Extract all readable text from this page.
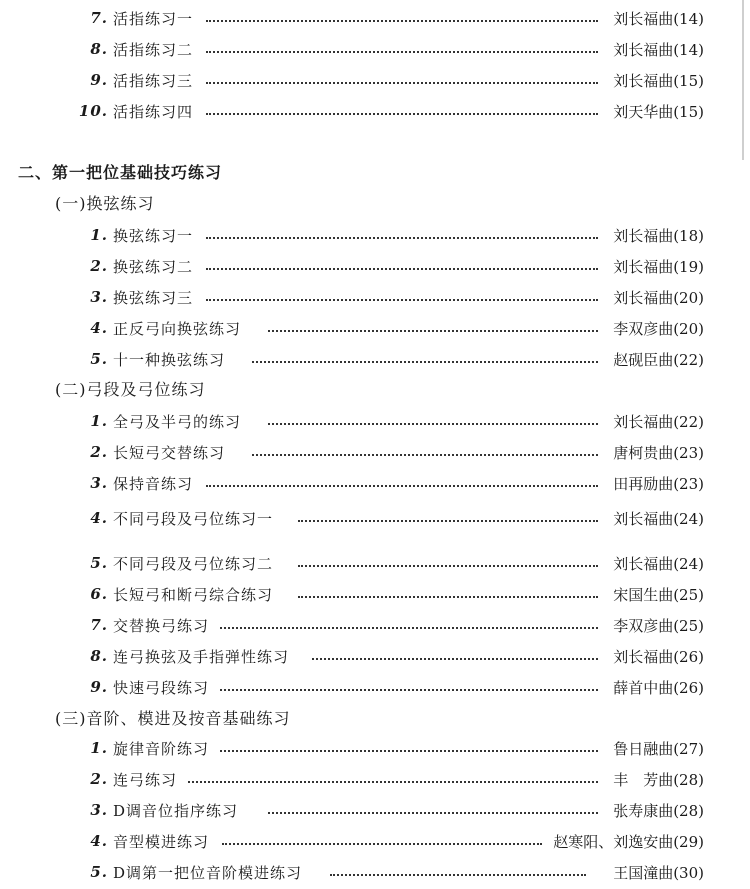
7. 活指练习一	刘长福曲(14)
8. 活指练习二	刘长福曲(14)
9. 活指练习三	刘长福曲(15)
10. 活指练习四	刘天华曲(15)
二、第一把位基础技巧练习
(一)换弦练习
1. 换弦练习一	刘长福曲(18)
2. 换弦练习二	刘长福曲(19)
3. 换弦练习三	刘长福曲(20)
4. 正反弓向换弦练习	李双彦曲(20)
5. 十一种换弦练习	赵砚臣曲(22)
(二)弓段及弓位练习
1. 全弓及半弓的练习	刘长福曲(22)
2. 长短弓交替练习	唐柯贵曲(23)
3. 保持音练习	田再励曲(23)
4. 不同弓段及弓位练习一	刘长福曲(24)
5. 不同弓段及弓位练习二	刘长福曲(24)
6. 长短弓和断弓综合练习	宋国生曲(25)
7. 交替换弓练习	李双彦曲(25)
8. 连弓换弦及手指弹性练习	刘长福曲(26)
9. 快速弓段练习	薛首中曲(26)
(三)音阶、模进及按音基础练习
1. 旋律音阶练习	鲁日融曲(27)
2. 连弓练习	丰　芳曲(28)
3. D调音位指序练习	张寿康曲(28)
4. 音型模进练习	赵寒阳、刘逸安曲(29)
5. D调第一把位音阶模进练习	王国潼曲(30)
